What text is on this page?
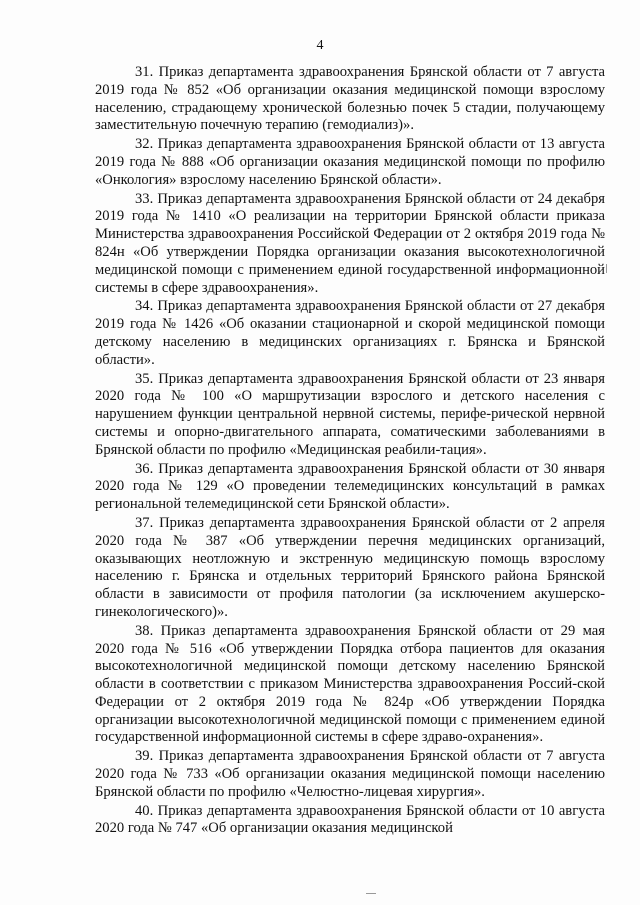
4

31. Приказ департамента здравоохранения Брянской области от 7 августа 2019 года № 852 «Об организации оказания медицинской помощи взрослому населению, страдающему хронической болезнью почек 5 стадии, получающему заместительную почечную терапию (гемодиализ)».

32. Приказ департамента здравоохранения Брянской области от 13 августа 2019 года № 888 «Об организации оказания медицинской помощи по профилю «Онкология» взрослому населению Брянской области».

33. Приказ департамента здравоохранения Брянской области от 24 декабря 2019 года № 1410 «О реализации на территории Брянской области приказа Министерства здравоохранения Российской Федерации от 2 октября 2019 года № 824н «Об утверждении Порядка организации оказания высокотехнологичной медицинской помощи с применением единой государственной информационной системы в сфере здравоохранения».

34. Приказ департамента здравоохранения Брянской области от 27 декабря 2019 года № 1426 «Об оказании стационарной и скорой медицинской помощи детскому населению в медицинских организациях г. Брянска и Брянской области».

35. Приказ департамента здравоохранения Брянской области от 23 января 2020 года № 100 «О маршрутизации взрослого и детского населения с нарушением функции центральной нервной системы, перифе-рической нервной системы и опорно-двигательного аппарата, соматическими заболеваниями в Брянской области по профилю «Медицинская реабили-тация».

36. Приказ департамента здравоохранения Брянской области от 30 января 2020 года № 129 «О проведении телемедицинских консультаций в рамках региональной телемедицинской сети Брянской области».

37. Приказ департамента здравоохранения Брянской области от 2 апреля 2020 года № 387 «Об утверждении перечня медицинских организаций, оказывающих неотложную и экстренную медицинскую помощь взрослому населению г. Брянска и отдельных территорий Брянского района Брянской области в зависимости от профиля патологии (за исключением акушерско-гинекологического)».

38. Приказ департамента здравоохранения Брянской области от 29 мая 2020 года № 516 «Об утверждении Порядка отбора пациентов для оказания высокотехнологичной медицинской помощи детскому населению Брянской области в соответствии с приказом Министерства здравоохранения Россий-ской Федерации от 2 октября 2019 года № 824р «Об утверждении Порядка организации высокотехнологичной медицинской помощи с применением единой государственной информационной системы в сфере здраво-охранения».

39. Приказ департамента здравоохранения Брянской области от 7 августа 2020 года № 733 «Об организации оказания медицинской помощи населению Брянской области по профилю «Челюстно-лицевая хирургия».

40. Приказ департамента здравоохранения Брянской области от 10 августа 2020 года № 747 «Об организации оказания медицинской
